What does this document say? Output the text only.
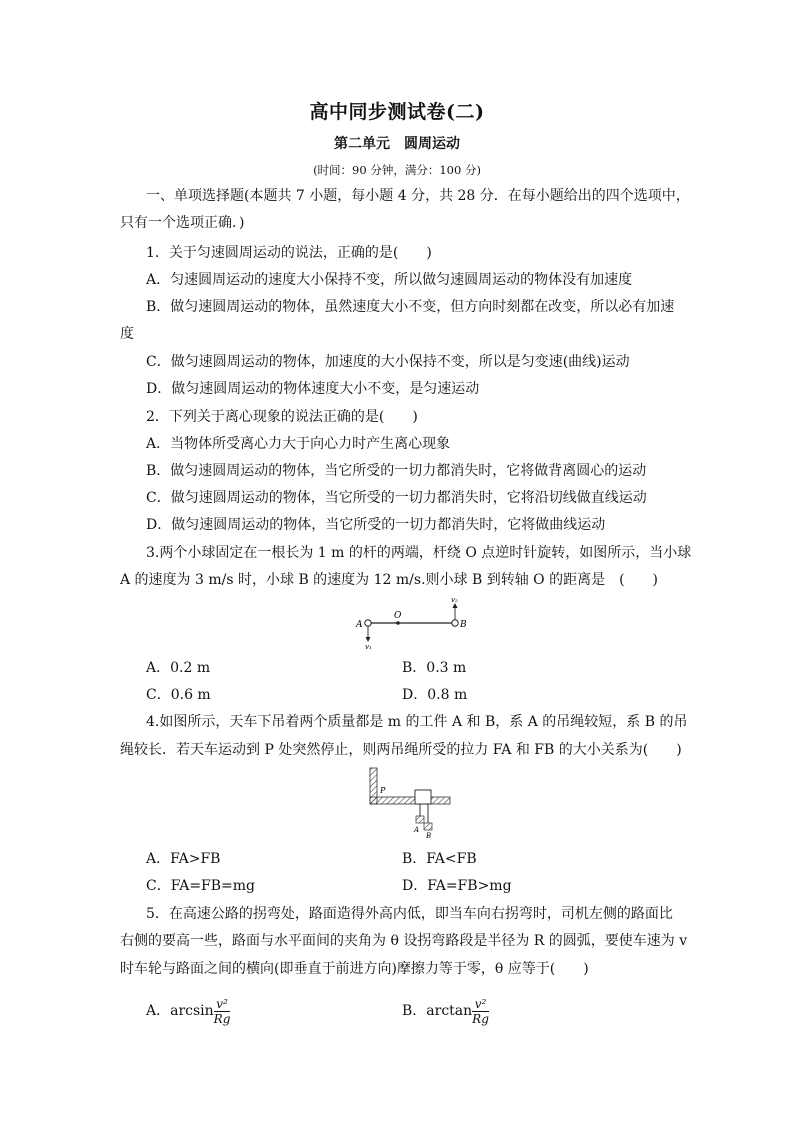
高中同步测试卷(二)
第二单元　圆周运动
(时间：90 分钟，满分：100 分)
一、单项选择题(本题共 7 小题，每小题 4 分，共 28 分．在每小题给出的四个选项中，
只有一个选项正确．)
1．关于匀速圆周运动的说法，正确的是(　　)
A．匀速圆周运动的速度大小保持不变，所以做匀速圆周运动的物体没有加速度
B．做匀速圆周运动的物体，虽然速度大小不变，但方向时刻都在改变，所以必有加速
度
C．做匀速圆周运动的物体，加速度的大小保持不变，所以是匀变速(曲线)运动
D．做匀速圆周运动的物体速度大小不变，是匀速运动
2．下列关于离心现象的说法正确的是(　　)
A．当物体所受离心力大于向心力时产生离心现象
B．做匀速圆周运动的物体，当它所受的一切力都消失时，它将做背离圆心的运动
C．做匀速圆周运动的物体，当它所受的一切力都消失时，它将沿切线做直线运动
D．做匀速圆周运动的物体，当它所受的一切力都消失时，它将做曲线运动
3.两个小球固定在一根长为 1 m 的杆的两端，杆绕 O 点逆时针旋转，如图所示，当小球
A 的速度为 3 m/s 时，小球 B 的速度为 12 m/s.则小球 B 到转轴 O 的距离是　(　　)
A
O
B
v₁
v₂
A．0.2 m	B．0.3 m
C．0.6 m	D．0.8 m
4.如图所示，天车下吊着两个质量都是 m 的工件 A 和 B，系 A 的吊绳较短，系 B 的吊
绳较长．若天车运动到 P 处突然停止，则两吊绳所受的拉力 FA 和 FB 的大小关系为(　　)
P
A
B
A．FA>FB	B．FA<FB
C．FA=FB=mg	D．FA=FB>mg
5．在高速公路的拐弯处，路面造得外高内低，即当车向右拐弯时，司机左侧的路面比
右侧的要高一些，路面与水平面间的夹角为 θ 设拐弯路段是半径为 R 的圆弧，要使车速为 v
时车轮与路面之间的横向(即垂直于前进方向)摩擦力等于零，θ 应等于(　　)
A．$\arcsin \frac{\text{v²}}{Rg}$	B．$\arctan \frac{\text{v²}}{Rg}$
